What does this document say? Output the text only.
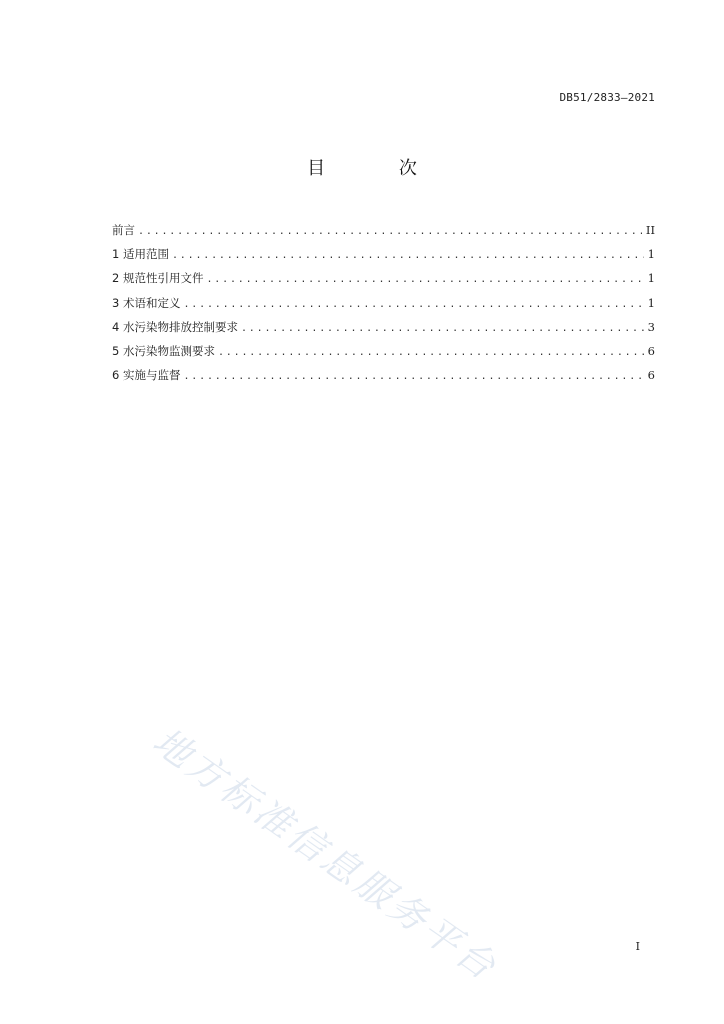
DB51/2833—2021
目 次
前言 .....	II
1 适用范围 .....	1
2 规范性引用文件 .....	1
3 术语和定义 .....	1
4 水污染物排放控制要求 .....	3
5 水污染物监测要求 .....	6
6 实施与监督 .....	6
地方标准信息服务平台	I
